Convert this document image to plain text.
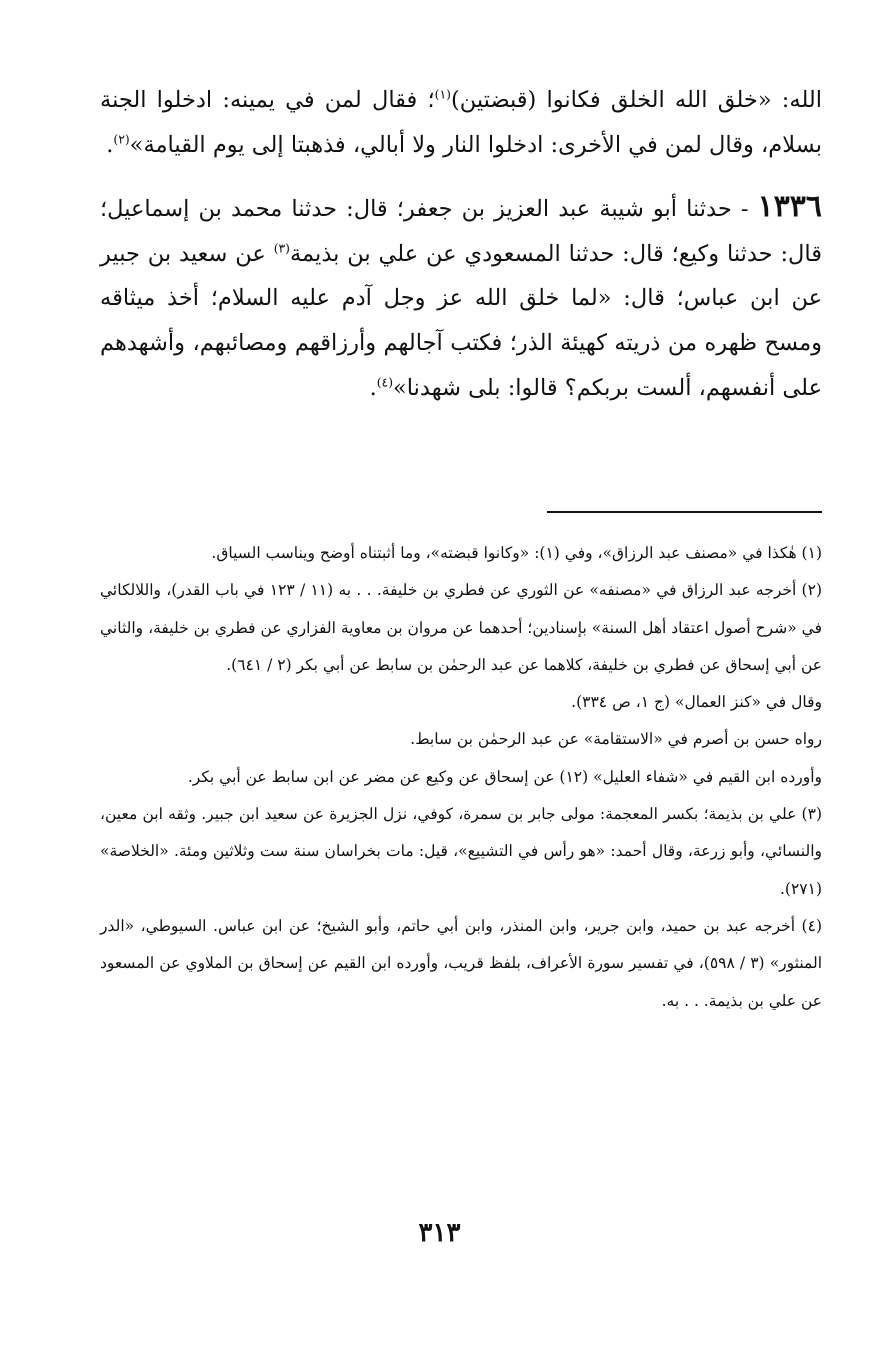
الله: «خلق الله الخلق فكانوا (قبضتين)$^{(١)}$؛ فقال لمن في يمينه: ادخلوا الجنة بسلام، وقال لمن في الأخرى: ادخلوا النار ولا أبالي، فذهبتا إلى يوم القيامة»$^{(٢)}$.

١٣٣٦ - حدثنا أبو شيبة عبد العزيز بن جعفر؛ قال: حدثنا محمد بن إسماعيل؛ قال: حدثنا وكيع؛ قال: حدثنا المسعودي عن علي بن بذيمة$^{(٣)}$ عن سعيد بن جبير عن ابن عباس؛ قال: «لما خلق الله عز وجل آدم عليه السلام؛ أخذ ميثاقه ومسح ظهره من ذريته كهيئة الذر؛ فكتب آجالهم وأرزاقهم ومصائبهم، وأشهدهم على أنفسهم، ألست بربكم؟ قالوا: بلى شهدنا»$^{(٤)}$.

(١) هٰكذا في «مصنف عبد الرزاق»، وفي (١): «وكانوا قبضته»، وما أثبتناه أوضح ويناسب السياق.

(٢) أخرجه عبد الرزاق في «مصنفه» عن الثوري عن فطري بن خليفة. . . به (١١ / ١٢٣ في باب القدر)، واللالكائي في «شرح أصول اعتقاد أهل السنة» بإسنادين؛ أحدهما عن مروان بن معاوية الفزاري عن فطري بن خليفة، والثاني عن أبي إسحاق عن فطري بن خليفة، كلاهما عن عبد الرحمٰن بن سابط عن أبي بكر (٢ / ٦٤١).

وقال في «كنز العمال» (ج ١، ص ٣٣٤).

رواه حسن بن أصرم في «الاستقامة» عن عبد الرحمٰن بن سابط.

وأورده ابن القيم في «شفاء العليل» (١٢) عن إسحاق عن وكيع عن مضر عن ابن سابط عن أبي بكر.

(٣) علي بن بذيمة؛ بكسر المعجمة: مولى جابر بن سمرة، كوفي، نزل الجزيرة عن سعيد ابن جبير. وثقه ابن معين، والنسائي، وأبو زرعة، وقال أحمد: «هو رأس في التشييع»، قيل: مات بخراسان سنة ست وثلاثين ومئة. «الخلاصة» (٢٧١).

(٤) أخرجه عبد بن حميد، وابن جرير، وابن المنذر، وابن أبي حاتم، وأبو الشيخ؛ عن ابن عباس. السيوطي، «الدر المنثور» (٣ / ٥٩٨)، في تفسير سورة الأعراف، بلفظ قريب، وأورده ابن القيم عن إسحاق بن الملاوي عن المسعود عن علي بن بذيمة. . . به.

٣١٣
